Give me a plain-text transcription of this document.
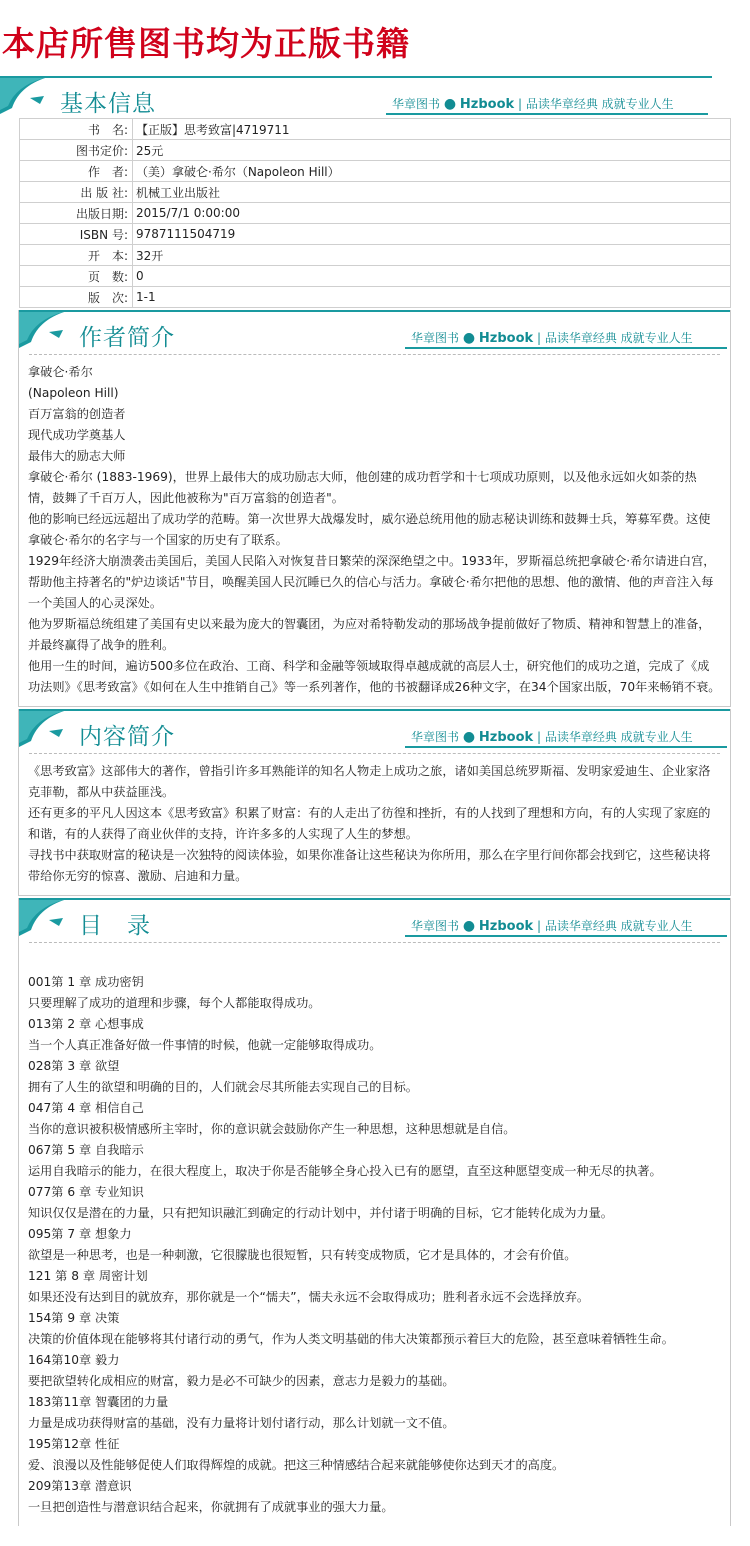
本店所售图书均为正版书籍
基本信息	华章图书 ● Hzbook | 品读华章经典 成就专业人生
书　名:	【正版】思考致富|4719711
图书定价:	25元
作　者:	（美）拿破仑·希尔（Napoleon Hill）
出 版 社:	机械工业出版社
出版日期:	2015/7/1 0:00:00
ISBN 号:	9787111504719
开　本:	32开
页　数:	0
版　次:	1-1
作者简介	华章图书 ● Hzbook | 品读华章经典 成就专业人生

拿破仑·希尔

(Napoleon Hill)

百万富翁的创造者

现代成功学奠基人

最伟大的励志大师

拿破仑·希尔 (1883-1969)，世界上最伟大的成功励志大师，他创建的成功哲学和十七项成功原则，以及他永远如火如荼的热情，鼓舞了千百万人，因此他被称为"百万富翁的创造者"。

他的影响已经远远超出了成功学的范畴。第一次世界大战爆发时，威尔逊总统用他的励志秘诀训练和鼓舞士兵，筹募军费。这使拿破仑·希尔的名字与一个国家的历史有了联系。

1929年经济大崩溃袭击美国后，美国人民陷入对恢复昔日繁荣的深深绝望之中。1933年，罗斯福总统把拿破仑·希尔请进白宫，帮助他主持著名的"炉边谈话"节目，唤醒美国人民沉睡已久的信心与活力。拿破仑·希尔把他的思想、他的激情、他的声音注入每一个美国人的心灵深处。

他为罗斯福总统组建了美国有史以来最为庞大的智囊团，为应对希特勒发动的那场战争提前做好了物质、精神和智慧上的准备，并最终赢得了战争的胜利。

他用一生的时间，遍访500多位在政治、工商、科学和金融等领域取得卓越成就的高层人士，研究他们的成功之道，完成了《成功法则》《思考致富》《如何在人生中推销自己》等一系列著作，他的书被翻译成26种文字，在34个国家出版，70年来畅销不衰。

内容简介	华章图书 ● Hzbook | 品读华章经典 成就专业人生

《思考致富》这部伟大的著作，曾指引许多耳熟能详的知名人物走上成功之旅，诸如美国总统罗斯福、发明家爱迪生、企业家洛克菲勒，都从中获益匪浅。

还有更多的平凡人因这本《思考致富》积累了财富：有的人走出了彷徨和挫折，有的人找到了理想和方向，有的人实现了家庭的和谐，有的人获得了商业伙伴的支持，许许多多的人实现了人生的梦想。

寻找书中获取财富的秘诀是一次独特的阅读体验，如果你准备让这些秘诀为你所用，那么在字里行间你都会找到它，这些秘诀将带给你无穷的惊喜、激励、启迪和力量。

目　录	华章图书 ● Hzbook | 品读华章经典 成就专业人生

001第 1 章 成功密钥

只要理解了成功的道理和步骤，每个人都能取得成功。

013第 2 章 心想事成

当一个人真正准备好做一件事情的时候，他就一定能够取得成功。

028第 3 章 欲望

拥有了人生的欲望和明确的目的，人们就会尽其所能去实现自己的目标。

047第 4 章 相信自己

当你的意识被积极情感所主宰时，你的意识就会鼓励你产生一种思想，这种思想就是自信。

067第 5 章 自我暗示

运用自我暗示的能力，在很大程度上，取决于你是否能够全身心投入已有的愿望，直至这种愿望变成一种无尽的执著。

077第 6 章 专业知识

知识仅仅是潜在的力量，只有把知识融汇到确定的行动计划中，并付诸于明确的目标，它才能转化成为力量。

095第 7 章 想象力

欲望是一种思考，也是一种刺激，它很朦胧也很短暂，只有转变成物质，它才是具体的，才会有价值。

121 第 8 章 周密计划

如果还没有达到目的就放弃，那你就是一个“懦夫”，懦夫永远不会取得成功；胜利者永远不会选择放弃。

154第 9 章 决策

决策的价值体现在能够将其付诸行动的勇气，作为人类文明基础的伟大决策都预示着巨大的危险，甚至意味着牺牲生命。

164第10章 毅力

要把欲望转化成相应的财富，毅力是必不可缺少的因素，意志力是毅力的基础。

183第11章 智囊团的力量

力量是成功获得财富的基础，没有力量将计划付诸行动，那么计划就一文不值。

195第12章 性征

爱、浪漫以及性能够促使人们取得辉煌的成就。把这三种情感结合起来就能够使你达到天才的高度。

209第13章 潜意识

一旦把创造性与潜意识结合起来，你就拥有了成就事业的强大力量。
